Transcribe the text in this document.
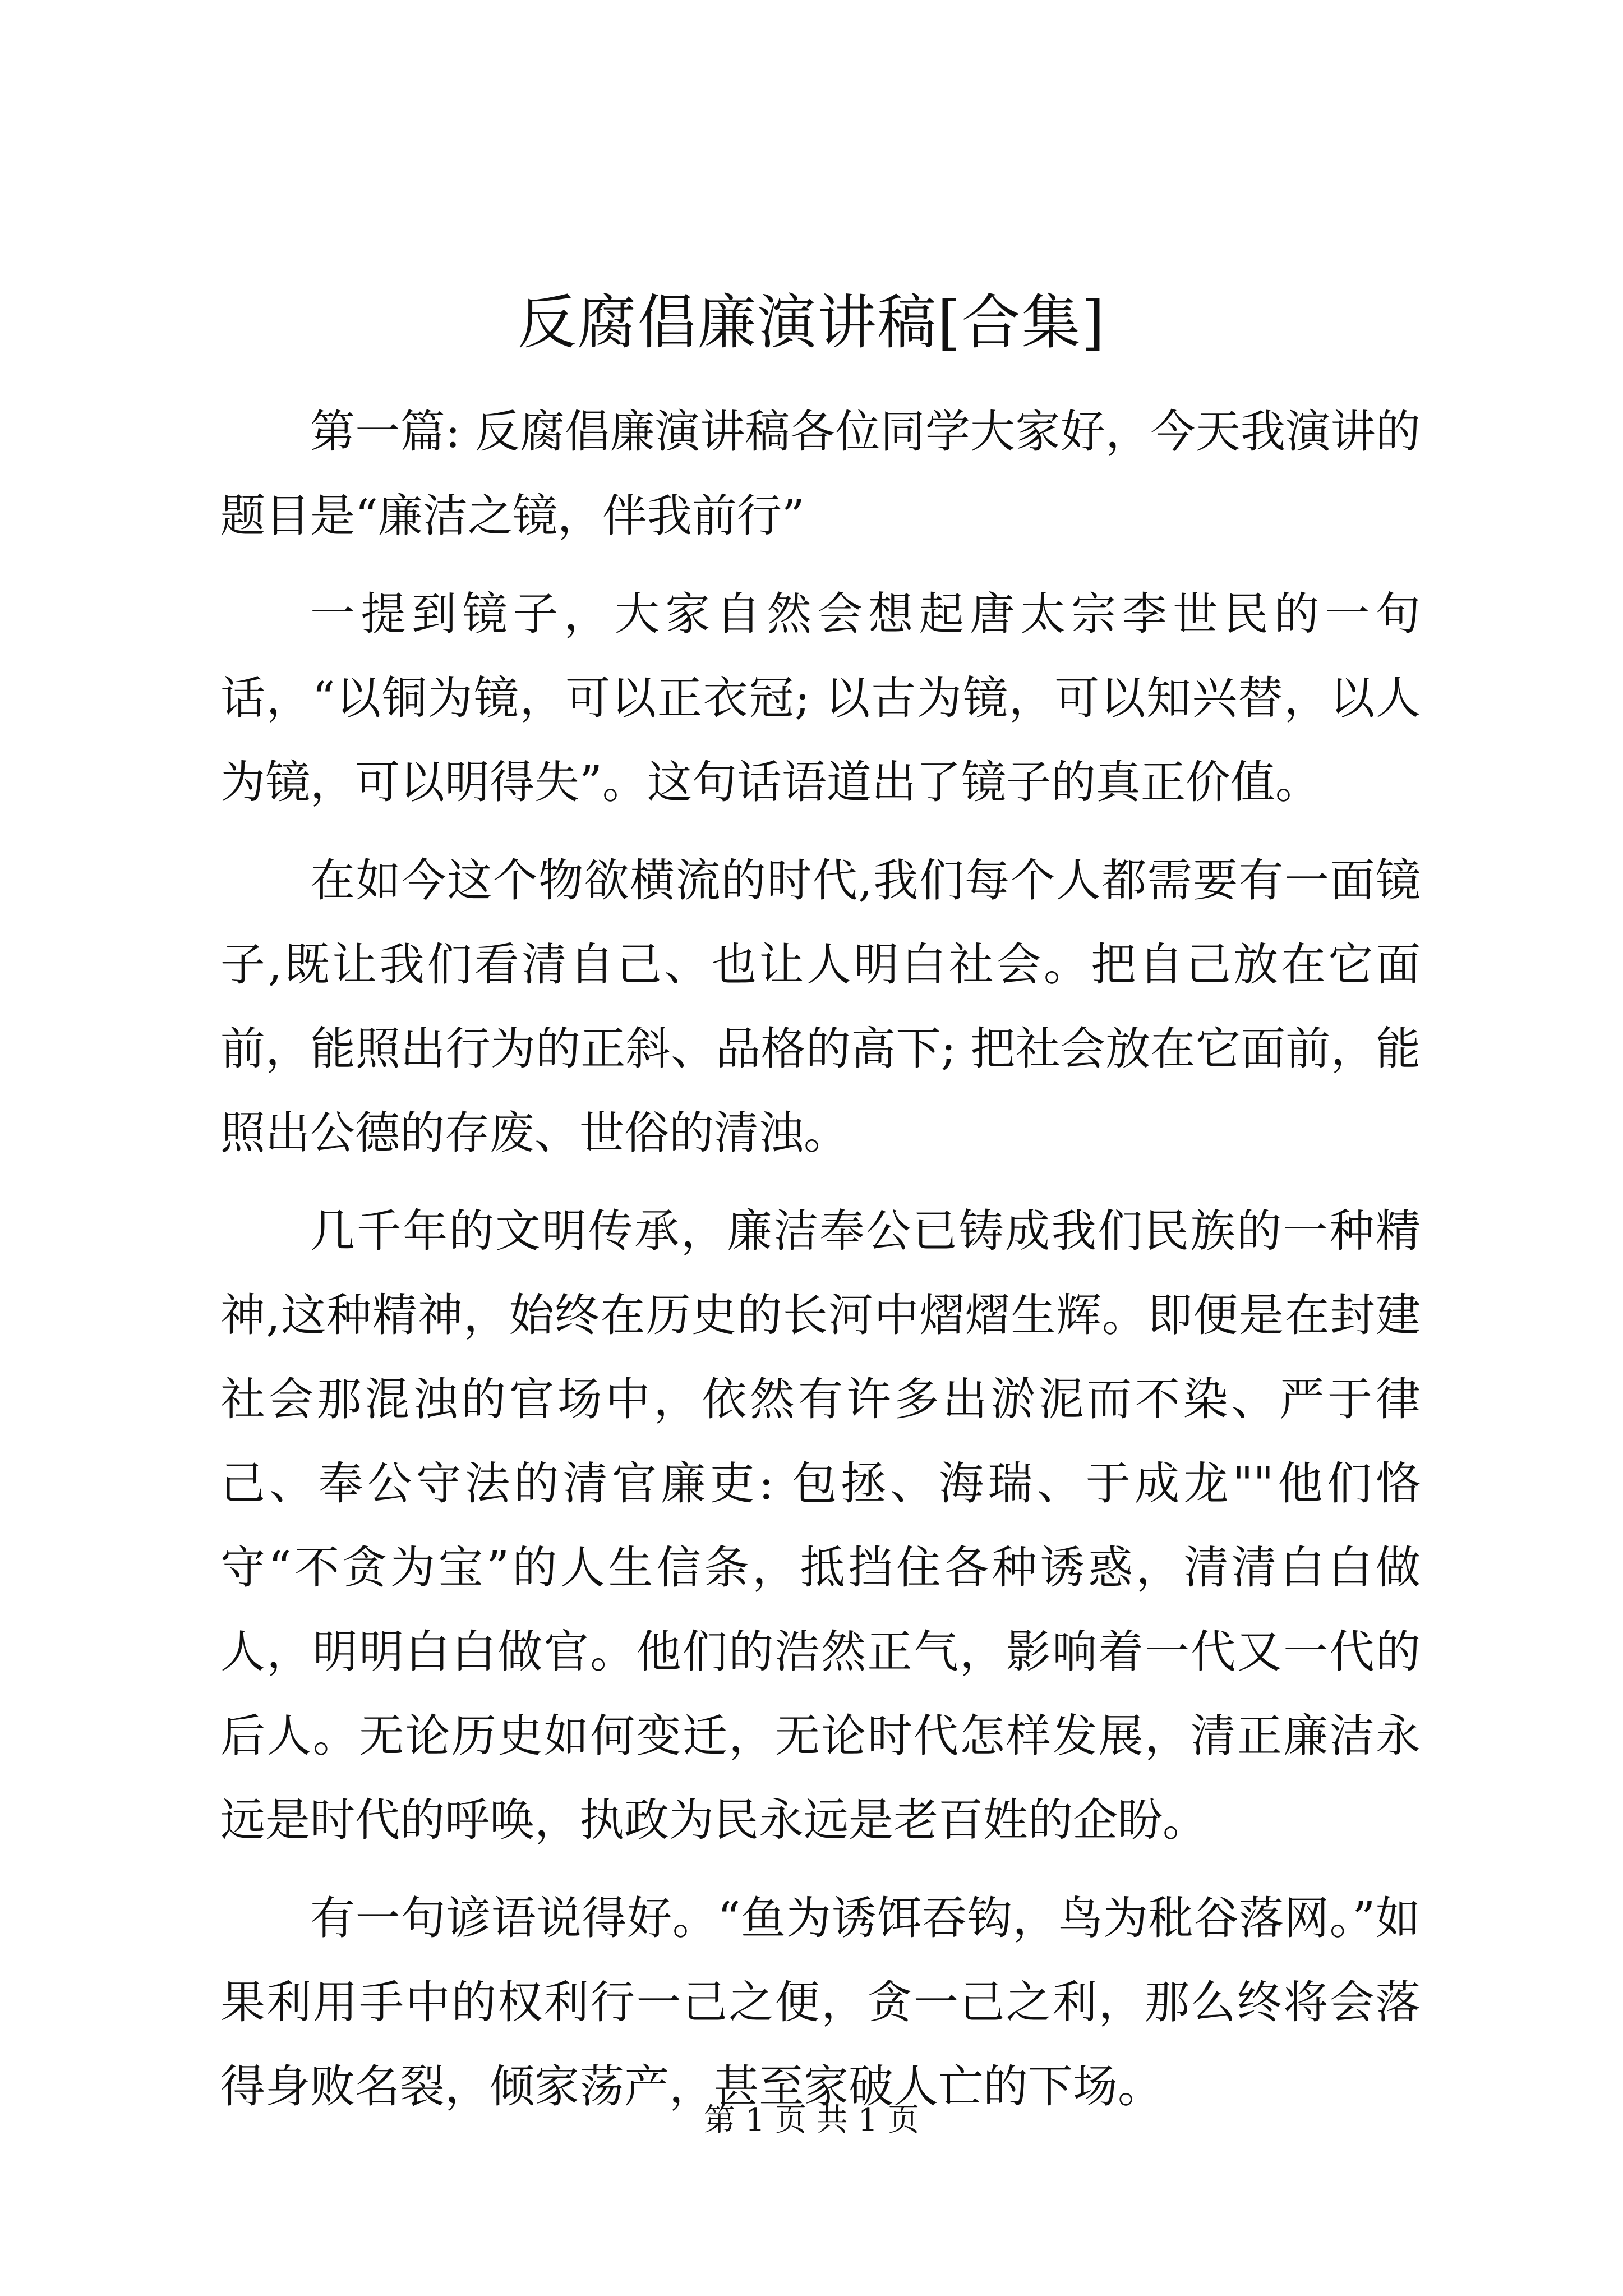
反腐倡廉演讲稿[合集]

第一篇: 反腐倡廉演讲稿各位同学大家好，今天我演讲的题目是“廉洁之镜，伴我前行”

一提到镜子，大家自然会想起唐太宗李世民的一句话，“以铜为镜，可以正衣冠; 以古为镜，可以知兴替，以人为镜，可以明得失”。这句话语道出了镜子的真正价值。

在如今这个物欲横流的时代,我们每个人都需要有一面镜子,既让我们看清自己、也让人明白社会。把自己放在它面前，能照出行为的正斜、品格的高下; 把社会放在它面前，能照出公德的存废、世俗的清浊。

几千年的文明传承，廉洁奉公已铸成我们民族的一种精神,这种精神，始终在历史的长河中熠熠生辉。即便是在封建社会那混浊的官场中，依然有许多出淤泥而不染、严于律己、奉公守法的清官廉吏: 包拯、海瑞、于成龙""他们恪守“不贪为宝”的人生信条，抵挡住各种诱惑，清清白白做人，明明白白做官。他们的浩然正气，影响着一代又一代的后人。无论历史如何变迁，无论时代怎样发展，清正廉洁永远是时代的呼唤，执政为民永远是老百姓的企盼。

有一句谚语说得好。“鱼为诱饵吞钩，鸟为秕谷落网。”如果利用手中的权利行一己之便，贪一己之利，那么终将会落得身败名裂，倾家荡产，甚至家破人亡的下场。

第 1 页 共 1 页
